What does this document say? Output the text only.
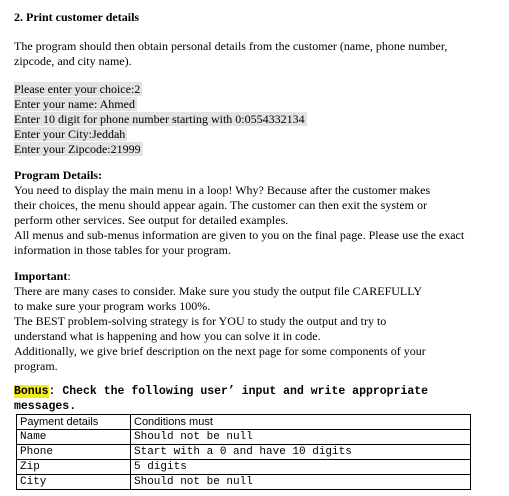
2. Print customer details
The program should then obtain personal details from the customer (name, phone number,
zipcode, and city name).
Please enter your choice:2
Enter your name: Ahmed
Enter 10 digit for phone number starting with 0:0554332134
Enter your City:Jeddah
Enter your Zipcode:21999
Program Details:
You need to display the main menu in a loop! Why? Because after the customer makes
their choices, the menu should appear again. The customer can then exit the system or
perform other services. See output for detailed examples.
All menus and sub-menus information are given to you on the final page. Please use the exact
information in those tables for your program.
Important:
There are many cases to consider. Make sure you study the output file CAREFULLY
to make sure your program works 100%.
The BEST problem-solving strategy is for YOU to study the output and try to
understand what is happening and how you can solve it in code.
Additionally, we give brief description on the next page for some components of your
program.
Bonus: Check the following user’ input and write appropriate
messages.
Payment details	Conditions must
Name	Should not be null
Phone	Start with a 0 and have 10 digits
Zip	5 digits
City	Should not be null
